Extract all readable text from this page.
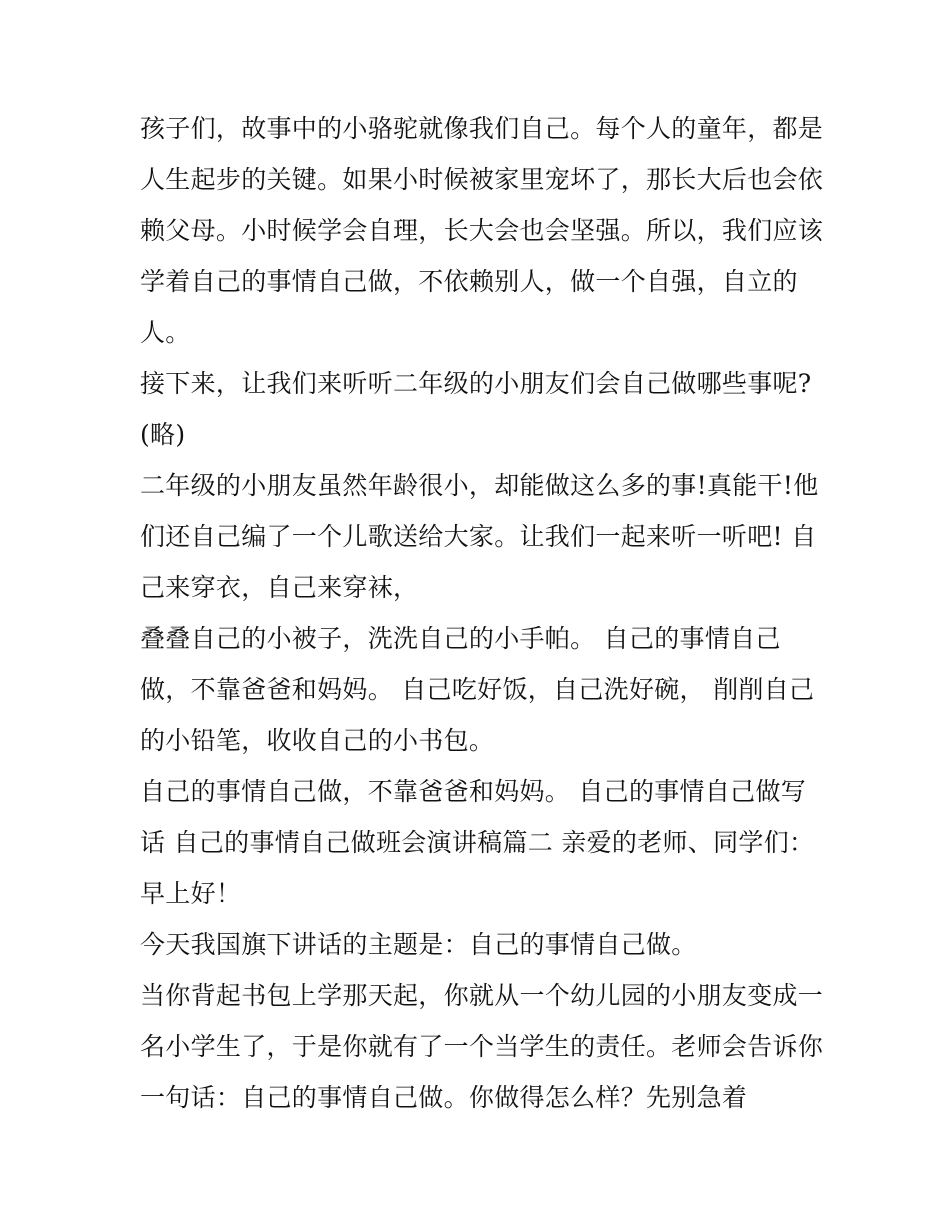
孩子们，故事中的小骆驼就像我们自己。每个人的童年，都是
人生起步的关键。如果小时候被家里宠坏了，那长大后也会依
赖父母。小时候学会自理，长大会也会坚强。所以，我们应该
学着自己的事情自己做，不依赖别人，做一个自强，自立的
人。
接下来，让我们来听听二年级的小朋友们会自己做哪些事呢?
(略)
二年级的小朋友虽然年龄很小，却能做这么多的事!真能干!他
们还自己编了一个儿歌送给大家。让我们一起来听一听吧! 自
己来穿衣，自己来穿袜，
叠叠自己的小被子，洗洗自己的小手帕。 自己的事情自己
做，不靠爸爸和妈妈。 自己吃好饭，自己洗好碗， 削削自己
的小铅笔，收收自己的小书包。
自己的事情自己做，不靠爸爸和妈妈。 自己的事情自己做写
话 自己的事情自己做班会演讲稿篇二 亲爱的老师、同学们：
早上好！
今天我国旗下讲话的主题是：自己的事情自己做。
当你背起书包上学那天起，你就从一个幼儿园的小朋友变成一
名小学生了，于是你就有了一个当学生的责任。老师会告诉你
一句话：自己的事情自己做。你做得怎么样？先别急着
